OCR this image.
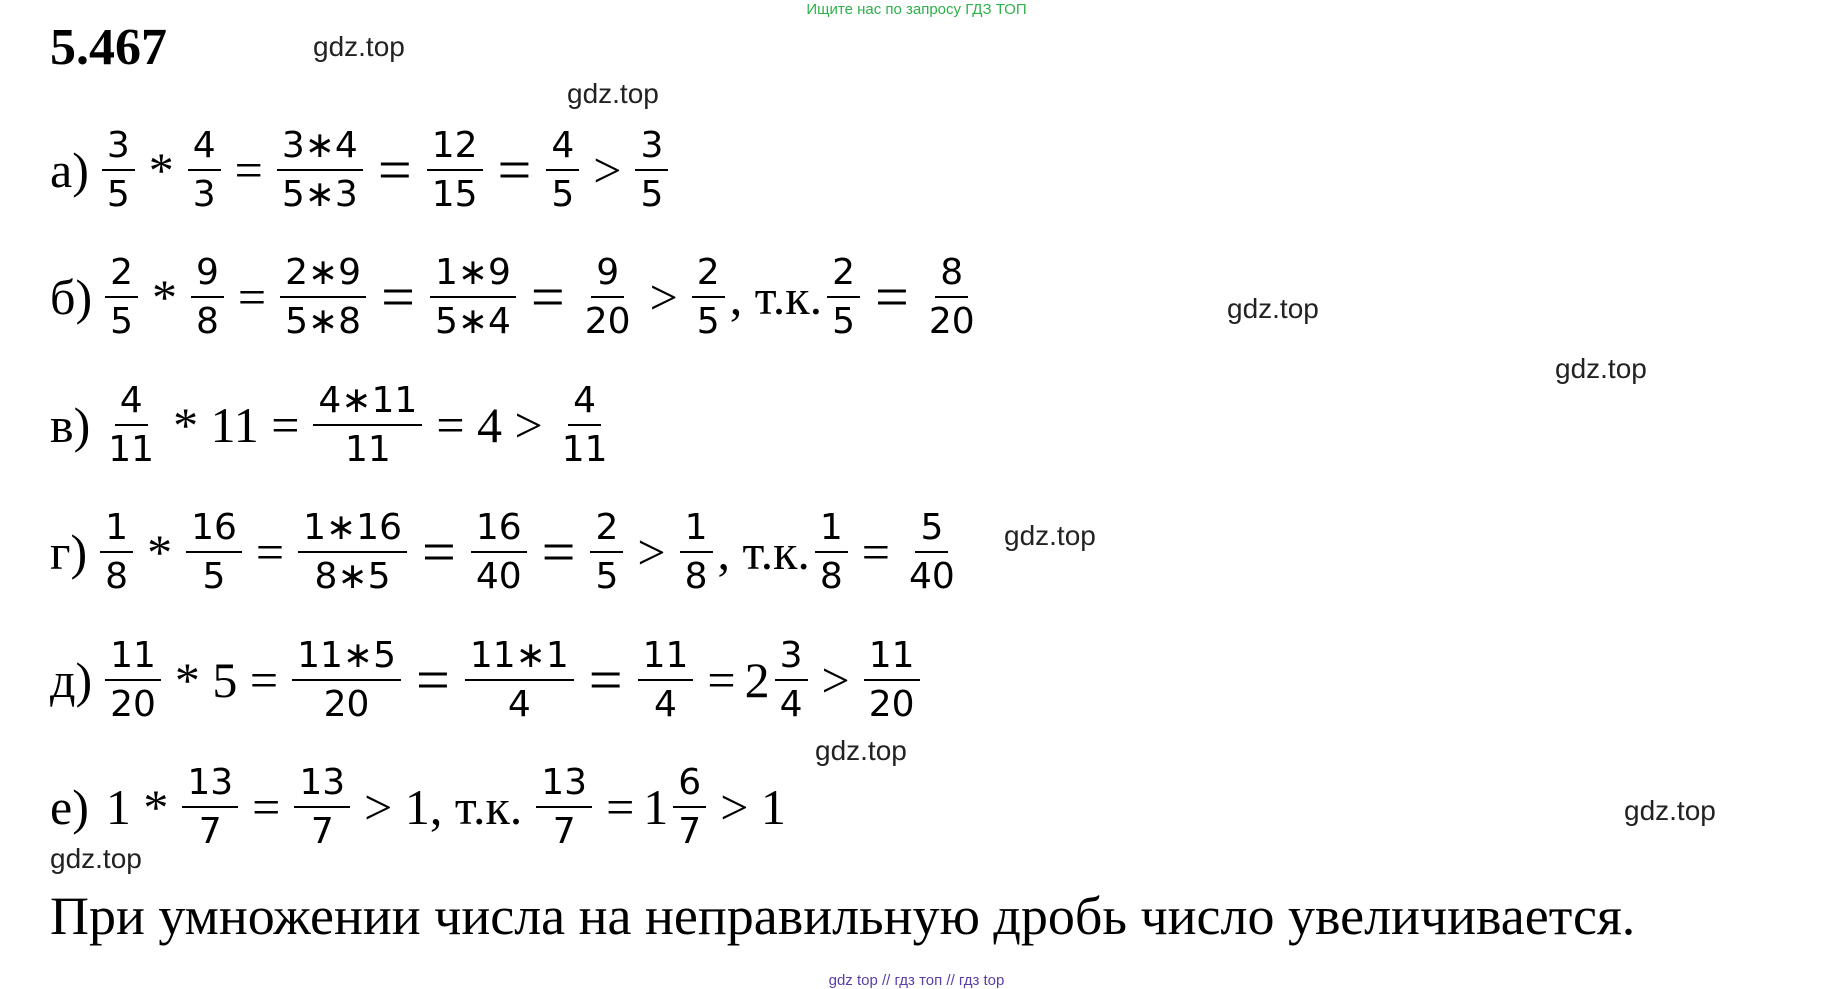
Ищите нас по запросу ГДЗ ТОП
5.467	gdz.top
gdz.top
gdz.top
gdz.top
gdz.top
gdz.top
gdz.top
gdz.top
$а) \frac{3}{5} * \frac{4}{3} = \frac{3∗4}{5∗3} = \frac{12}{15} = \frac{4}{5} > \frac{3}{5}$
$б) \frac{2}{5} * \frac{9}{8} = \frac{2∗9}{5∗8} = \frac{1∗9}{5∗4} = \frac{9}{20} > \frac{2}{5}$ , т.к. $\frac{2}{5} = \frac{8}{20}$
$в) \frac{4}{11} * 11 = \frac{4∗11}{11} = 4 > \frac{4}{11}$
$г) \frac{1}{8} * \frac{16}{5} = \frac{1∗16}{8∗5} = \frac{16}{40} = \frac{2}{5} > \frac{1}{8}$ , т.к. $\frac{1}{8} = \frac{5}{40}$
$д) \frac{11}{20} * 5 = \frac{11∗5}{20} = \frac{11∗1}{4} = \frac{11}{4} = 2 \frac{3}{4} > \frac{11}{20}$
е) $1 * \frac{13}{7} = \frac{13}{7} > 1$, т.к. $\frac{13}{7} = 1 \frac{6}{7} > 1$
При умножении числа на неправильную дробь число увеличивается.
gdz top // гдз топ // гдз top
